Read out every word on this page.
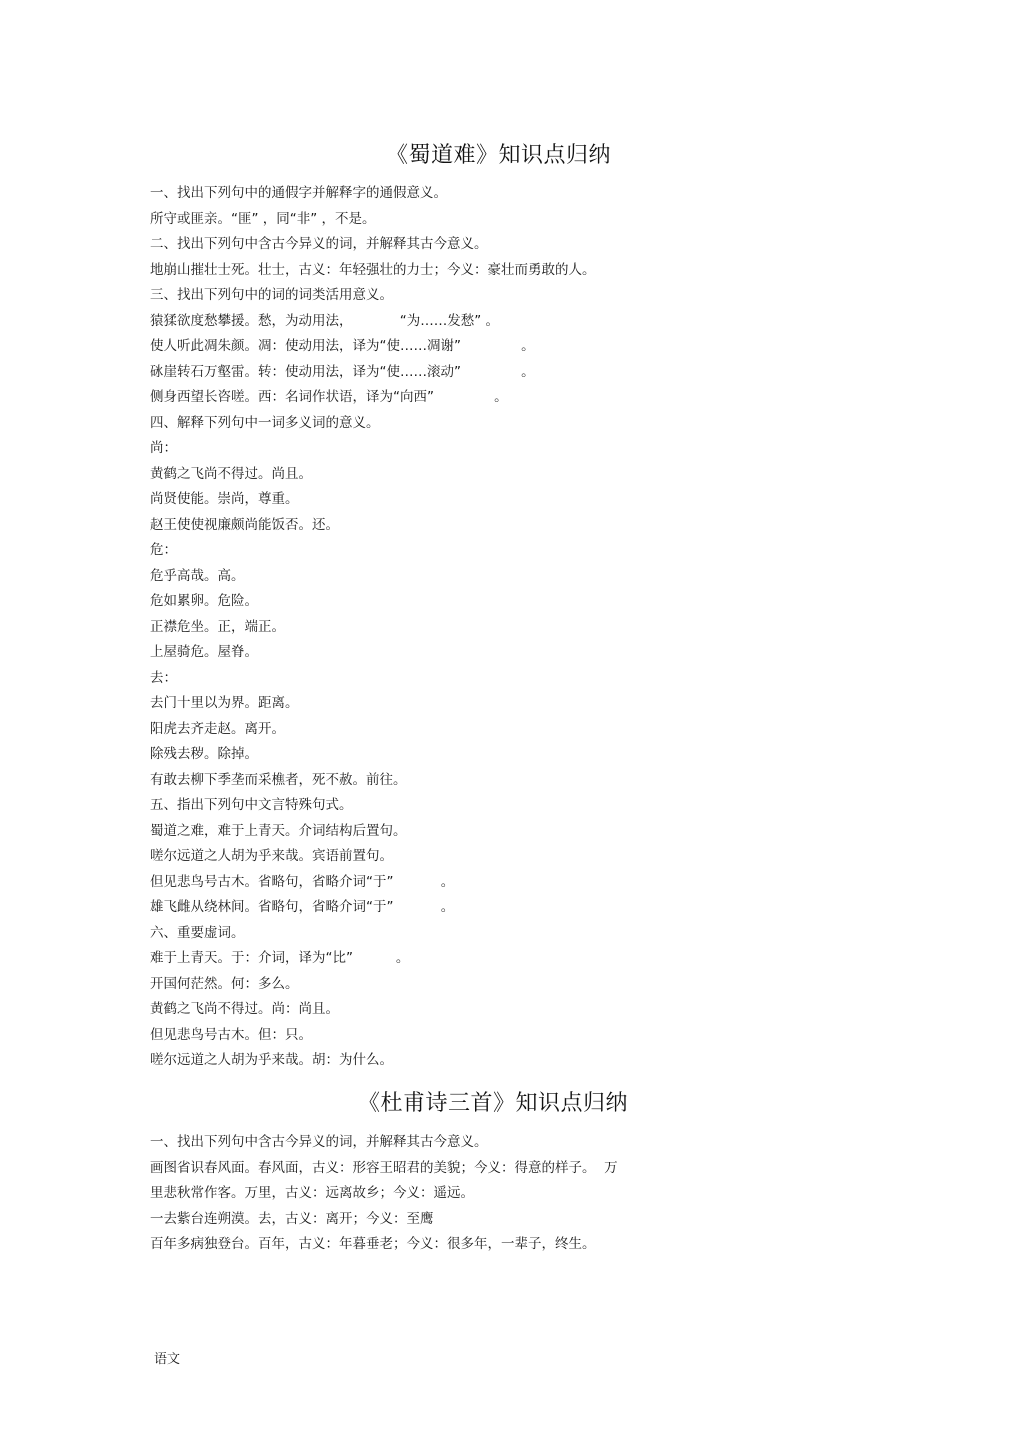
《蜀道难》知识点归纳
一、找出下列句中的通假字并解释字的通假意义。
所守或匪亲。“匪” ，同“非” ，不是。
二、找出下列句中含古今异义的词，并解释其古今意义。
地崩山摧壮士死。壮士，古义：年轻强壮的力士；今义：豪壮而勇敢的人。
三、找出下列句中的词的词类活用意义。
猿猱欲度愁攀援。愁，为动用法，           “为……发愁” 。
使人听此凋朱颜。凋：使动用法，译为“使……凋谢”              。
砯崖转石万壑雷。转：使动用法，译为“使……滚动”              。
侧身西望长咨嗟。西：名词作状语，译为“向西”              。
四、解释下列句中一词多义词的意义。
尚：
黄鹤之飞尚不得过。尚且。
尚贤使能。崇尚，尊重。
赵王使使视廉颇尚能饭否。还。
危：
危乎高哉。高。
危如累卵。危险。
正襟危坐。正，端正。
上屋骑危。屋脊。
去：
去门十里以为界。距离。
阳虎去齐走赵。离开。
除残去秽。除掉。
有敢去柳下季垄而采樵者，死不赦。前往。
五、指出下列句中文言特殊句式。
蜀道之难，难于上青天。介词结构后置句。
嗟尔远道之人胡为乎来哉。宾语前置句。
但见悲鸟号古木。省略句，省略介词“于”           。
雄飞雌从绕林间。省略句，省略介词“于”           。
六、重要虚词。
难于上青天。于：介词，译为“比”          。
开国何茫然。何：多么。
黄鹤之飞尚不得过。尚：尚且。
但见悲鸟号古木。但：只。
嗟尔远道之人胡为乎来哉。胡：为什么。
《杜甫诗三首》知识点归纳
一、找出下列句中含古今异义的词，并解释其古今意义。
画图省识春风面。春风面，古义：形容王昭君的美貌；今义：得意的样子。  万
里悲秋常作客。万里，古义：远离故乡；今义：遥远。
一去紫台连朔漠。去，古义：离开；今义：至鹰
百年多病独登台。百年，古义：年暮垂老；今义：很多年，一辈子，终生。
语文
